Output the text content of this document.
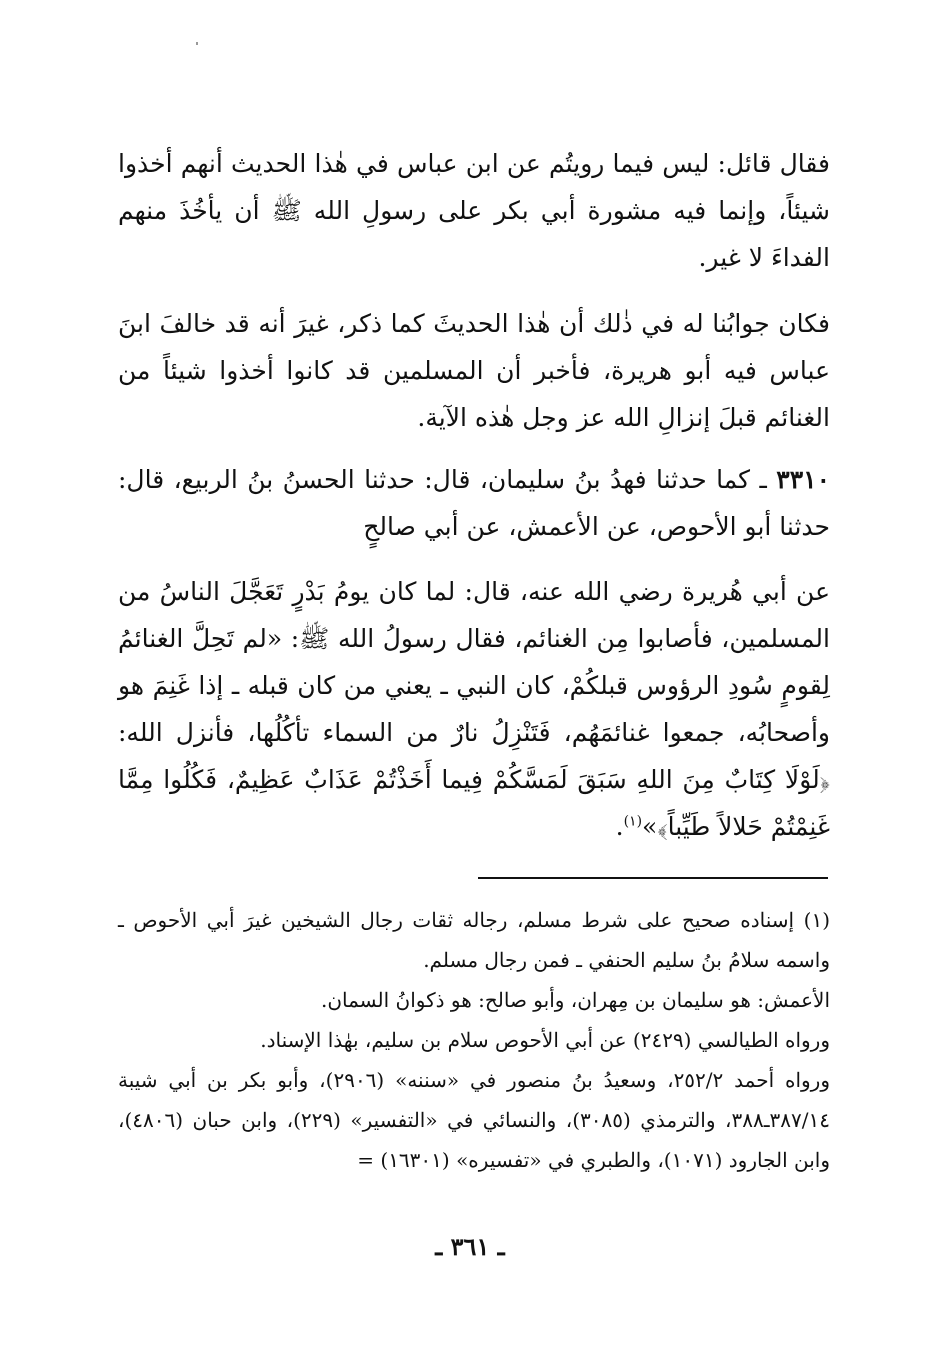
فقال قائل: ليس فيما رويتُم عن ابن عباس في هٰذا الحديث أنهم أخذوا شيئاً، وإنما فيه مشورة أبي بكر على رسولِ الله ﷺ أن يأخُذَ منهم الفداءَ لا غير.

فكان جوابُنا له في ذٰلك أن هٰذا الحديثَ كما ذكر، غيرَ أنه قد خالفَ ابنَ عباس فيه أبو هريرة، فأخبر أن المسلمين قد كانوا أخذوا شيئاً من الغنائم قبلَ إنزالِ الله عز وجل هٰذه الآية.

٣٣١٠ ـ كما حدثنا فهدُ بنُ سليمان، قال: حدثنا الحسنُ بنُ الربيع، قال: حدثنا أبو الأحوص، عن الأعمش، عن أبي صالحٍ

عن أبي هُريرة رضي الله عنه، قال: لما كان يومُ بَدْرٍ تَعَجَّلَ الناسُ من المسلمين، فأصابوا مِن الغنائم، فقال رسولُ الله ﷺ: «لم تَحِلَّ الغنائمُ لِقومٍ سُودِ الرؤوس قبلكُمْ، كان النبي ـ يعني من كان قبله ـ إذا غَنِمَ هو وأصحابُه، جمعوا غنائمَهُم، فَتَنْزِلُ نارٌ من السماء تأكُلُها، فأنزل الله: ﴿لَوْلَا كِتَابٌ مِنَ اللهِ سَبَقَ لَمَسَّكُمْ فِيما أَخَذْتُمْ عَذَابٌ عَظِيمٌ، فَكُلُوا مِمَّا غَنِمْتُمْ حَلالاً طَيِّباً﴾»$^{(١)}$.

(١) إسناده صحيح على شرط مسلم، رجاله ثقات رجال الشيخين غيرَ أبي الأحوص ـ واسمه سلامُ بنُ سليم الحنفي ـ فمن رجال مسلم.

الأعمش: هو سليمان بن مِهران، وأبو صالح: هو ذكوانُ السمان.

ورواه الطيالسي (٢٤٢٩) عن أبي الأحوص سلام بن سليم، بهٰذا الإسناد.

ورواه أحمد ٢٥٢/٢، وسعيدُ بنُ منصور في «سننه» (٢٩٠٦)، وأبو بكر بن أبي شيبة ٣٨٧/١٤ـ٣٨٨، والترمذي (٣٠٨٥)، والنسائي في «التفسير» (٢٢٩)، وابن حبان (٤٨٠٦)، وابن الجارود (١٠٧١)، والطبري في «تفسيره» (١٦٣٠١) =

ـ ٣٦١ ـ
